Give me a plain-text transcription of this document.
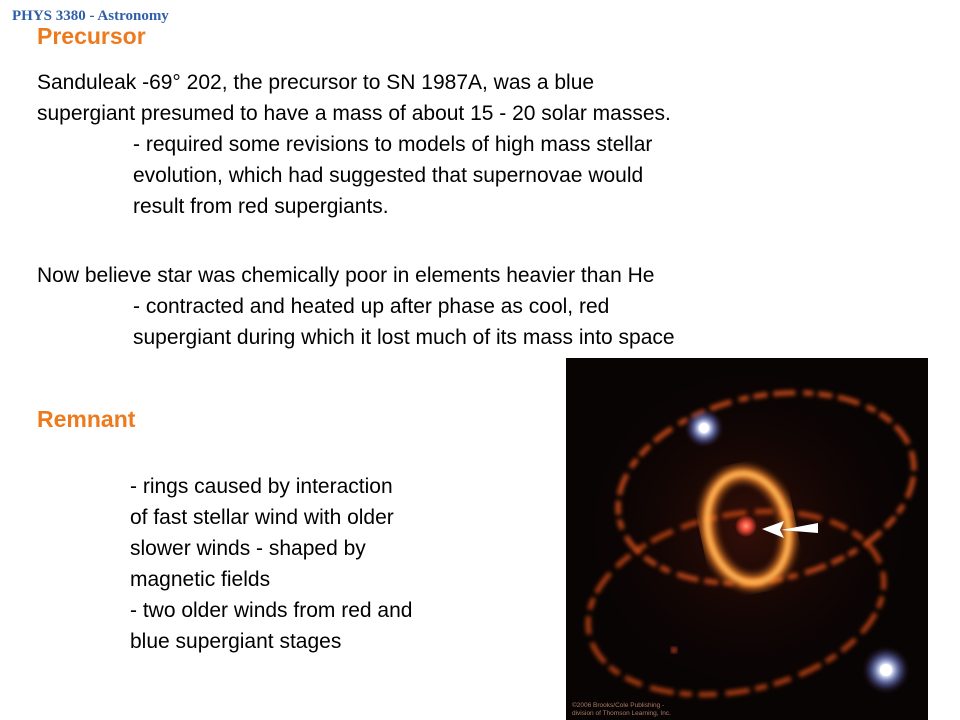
PHYS 3380 - Astronomy
Precursor
Sanduleak -69° 202, the precursor to SN 1987A, was a blue
supergiant presumed to have a mass of about 15 - 20 solar masses.
- required some revisions to models of high mass stellar
evolution, which had suggested that supernovae would
result from red supergiants.
Now believe star was chemically poor in elements heavier than He
- contracted and heated up after phase as cool, red
supergiant during which it lost much of its mass into space
Remnant
- rings caused by interaction
of fast stellar wind with older
slower winds - shaped by
magnetic fields
- two older winds from red and
blue supergiant stages
©2006 Brooks/Cole Publishing -
division of Thomson Learning, Inc.
